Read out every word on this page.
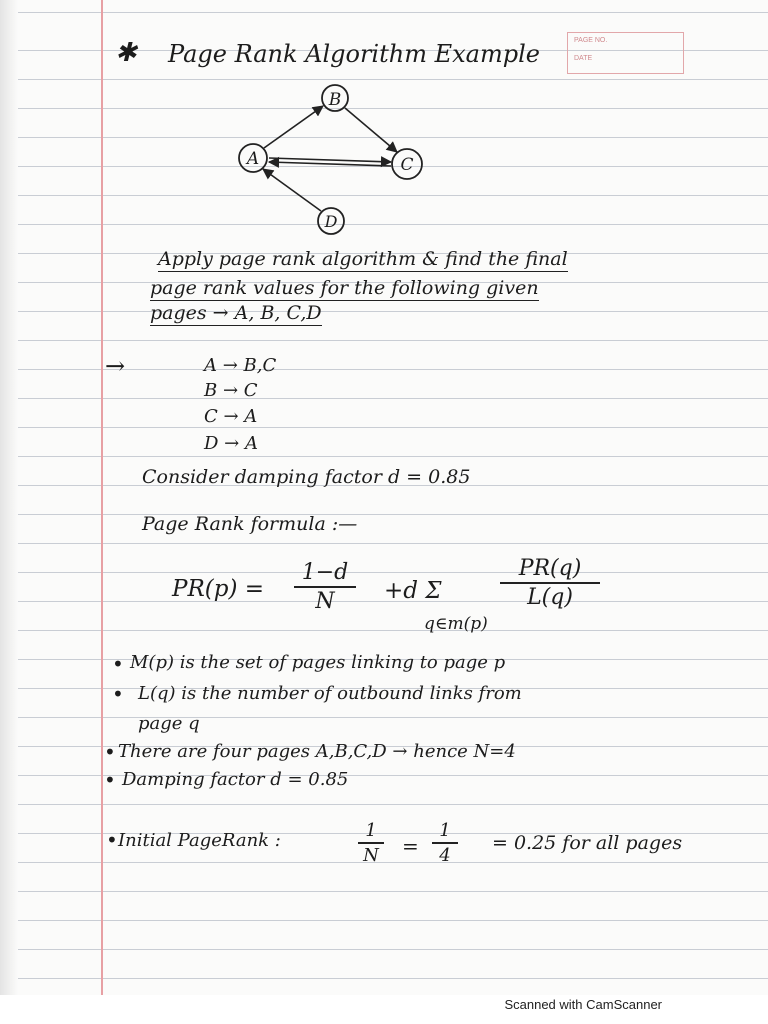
PAGE NO.
DATE
✱ Page Rank Algorithm Example
B
A	C
D
Apply page rank algorithm & find the final
page rank values for the following given
pages → A, B, C,D
→	A → B,C
B → C
C → A
D → A
Consider damping factor d = 0.85
Page Rank formula :—
PR(p) =
1−d
N +d Σ
q∈m(p)
PR(q)
L(q)
• M(p) is the set of pages linking to page p
• L(q) is the number of outbound links from
page q
• There are four pages A,B,C,D → hence N=4
• Damping factor d = 0.85
• Initial PageRank :	1
N =
1
4
= 0.25 for all pages
Scanned with CamScanner
